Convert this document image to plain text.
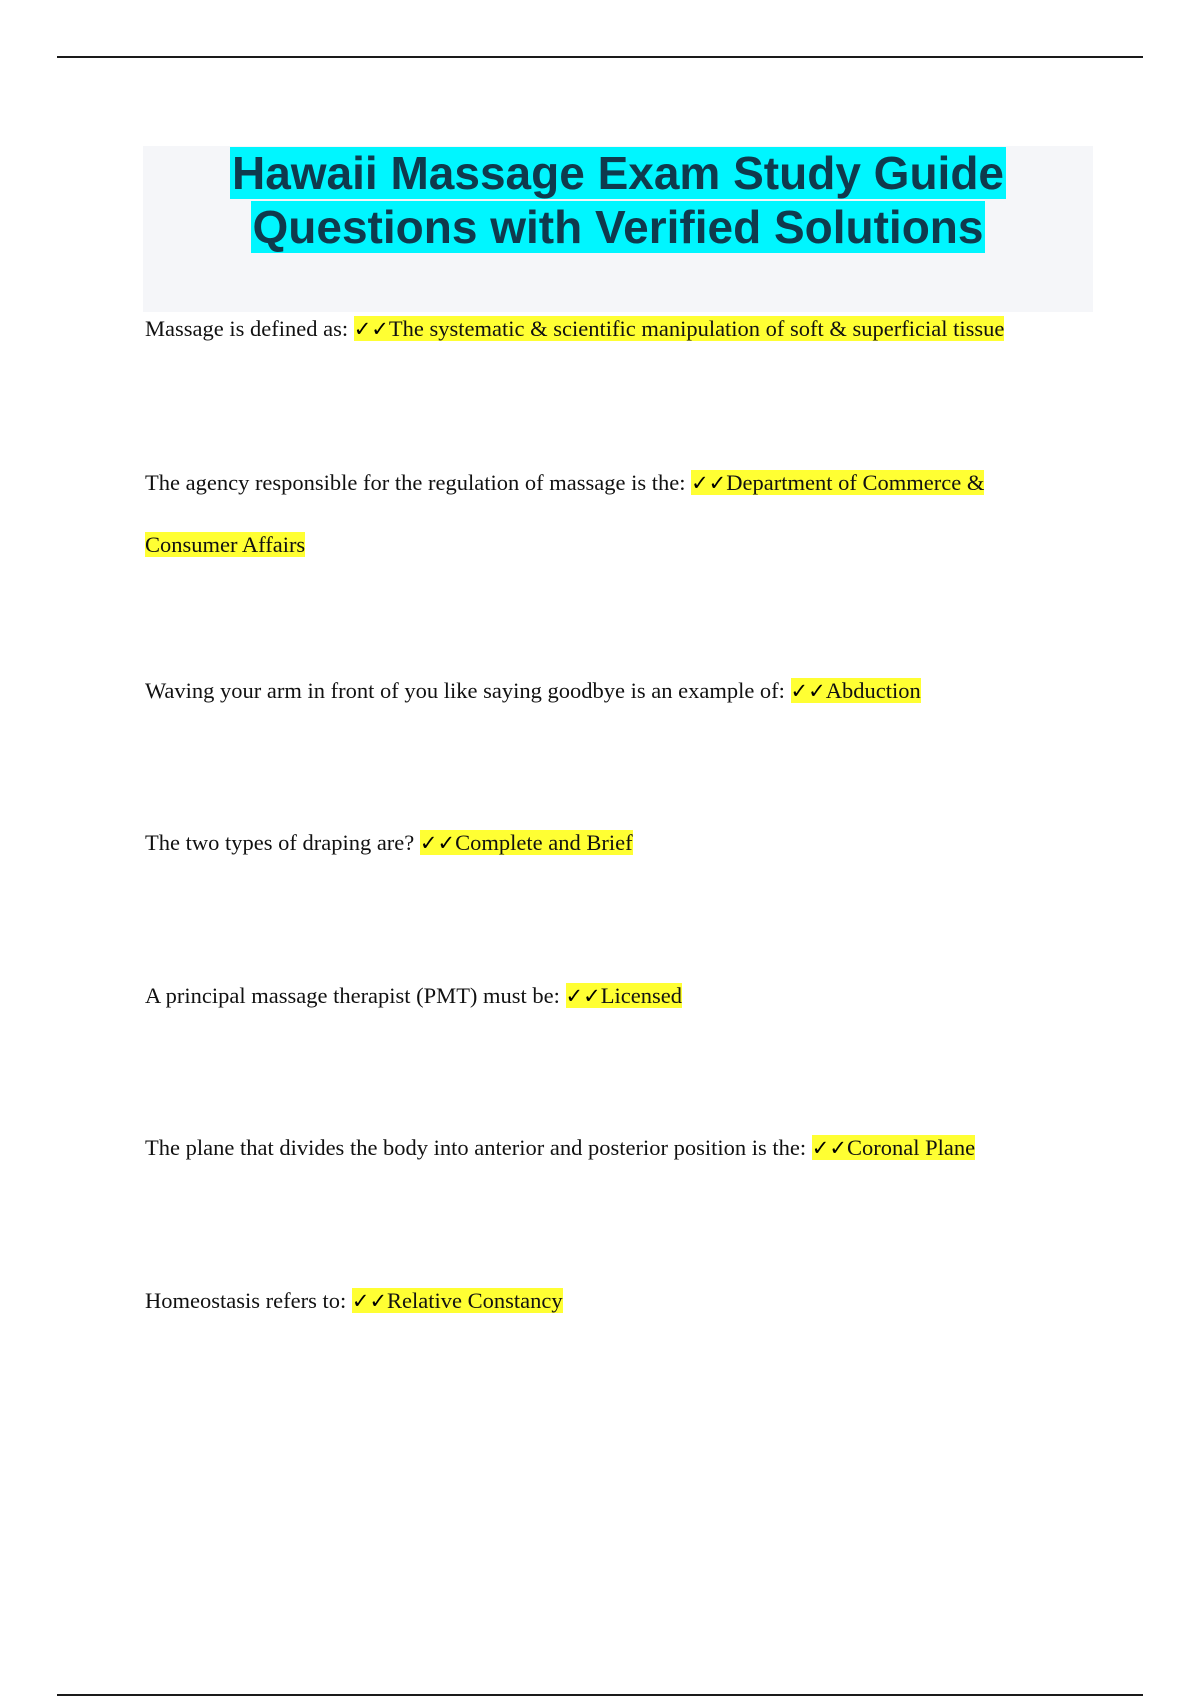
Hawaii Massage Exam Study Guide
Questions with Verified Solutions
Massage is defined as: ✓✓The systematic & scientific manipulation of soft & superficial tissue
The agency responsible for the regulation of massage is the: ✓✓Department of Commerce &
Consumer Affairs
Waving your arm in front of you like saying goodbye is an example of: ✓✓Abduction
The two types of draping are? ✓✓Complete and Brief
A principal massage therapist (PMT) must be: ✓✓Licensed
The plane that divides the body into anterior and posterior position is the: ✓✓Coronal Plane
Homeostasis refers to: ✓✓Relative Constancy
